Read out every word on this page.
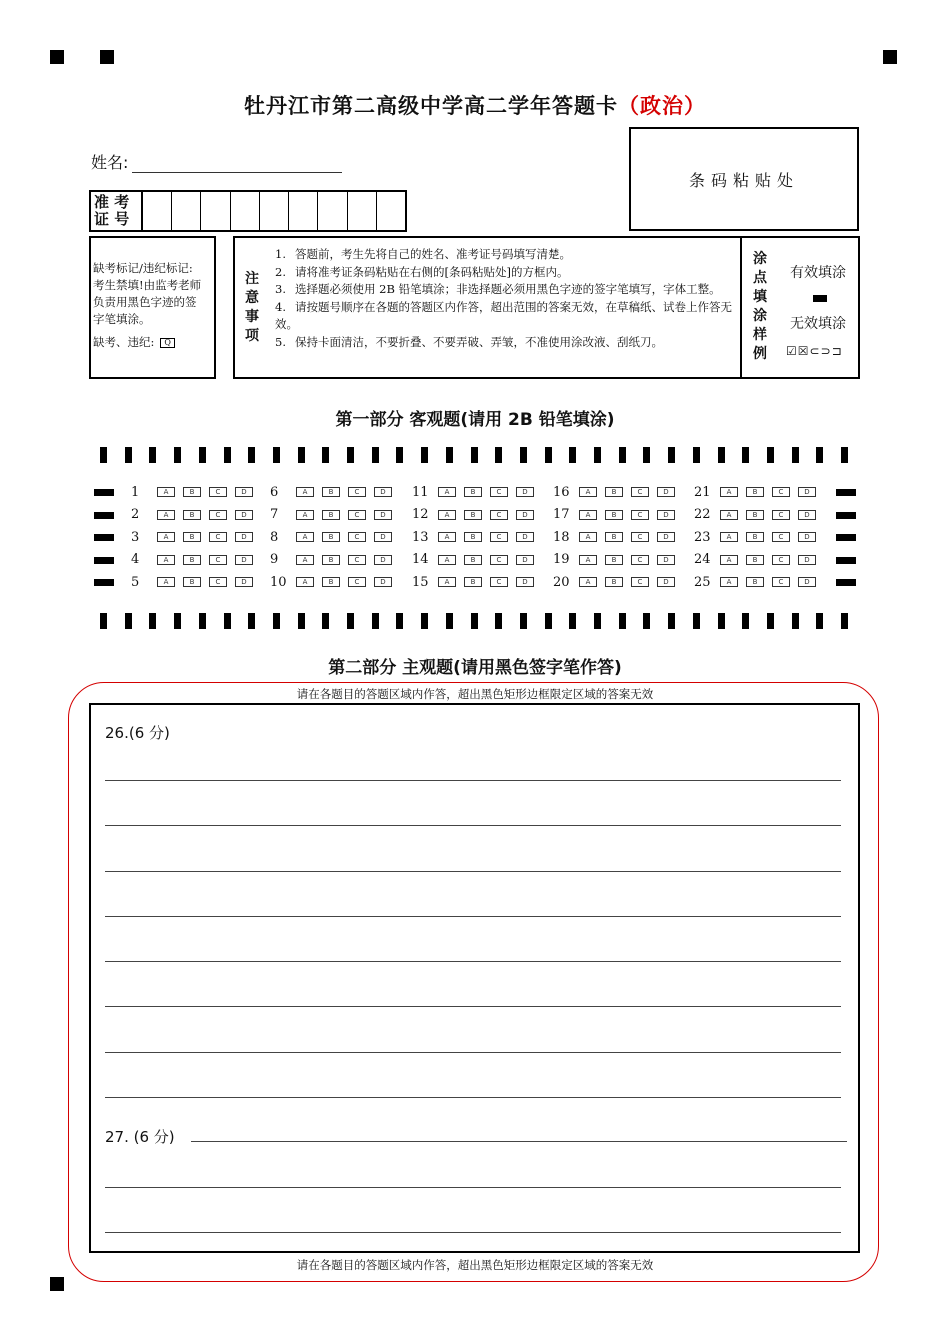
牡丹江市第二高级中学高二学年答题卡（政治）
姓名:
条码粘贴处
准 考
证 号
缺考标记/违纪标记:
考生禁填!由监考老师
负责用黑色字迹的签
字笔填涂。
缺考、违纪: Q
注
意
事
项
1. 答题前，考生先将自己的姓名、准考证号码填写清楚。
2. 请将准考证条码粘贴在右侧的[条码粘贴处]的方框内。
3. 选择题必须使用 2B 铅笔填涂；非选择题必须用黑色字迹的签字笔填写，字体工整。
4. 请按题号顺序在各题的答题区内作答，超出范围的答案无效，在草稿纸、试卷上作答无效。
5. 保持卡面清洁，不要折叠、不要弄破、弄皱，不准使用涂改液、刮纸刀。
涂
点
填
涂
样
例
有效填涂
无效填涂
☑☒⊂⊃⊐
第一部分 客观题(请用 2B 铅笔填涂)
1	A	B	C	D
2	A	B	C	D
3	A	B	C	D
4	A	B	C	D
5	A	B	C	D
6	A	B	C	D
7	A	B	C	D
8	A	B	C	D
9	A	B	C	D
10	A	B	C	D
11	A	B	C	D
12	A	B	C	D
13	A	B	C	D
14	A	B	C	D
15	A	B	C	D
16	A	B	C	D
17	A	B	C	D
18	A	B	C	D
19	A	B	C	D
20	A	B	C	D
21	A	B	C	D
22	A	B	C	D
23	A	B	C	D
24	A	B	C	D
25	A	B	C	D
第二部分 主观题(请用黑色签字笔作答)
请在各题目的答题区域内作答，超出黑色矩形边框限定区域的答案无效
26.(6 分)
27. (6 分)
请在各题目的答题区域内作答，超出黑色矩形边框限定区域的答案无效
